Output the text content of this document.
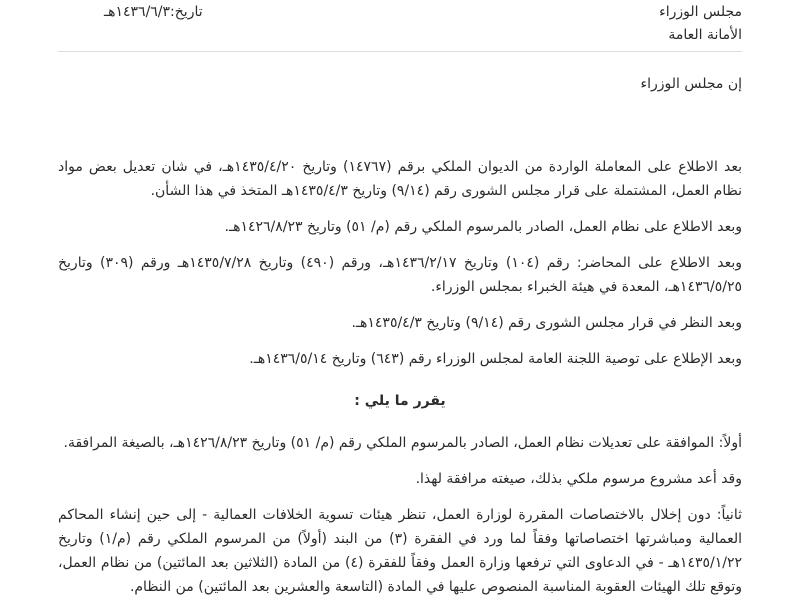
مجلس الوزراء
الأمانة العامة
تاريخ:١٤٣٦/٦/٣هـ

إن مجلس الوزراء

بعد الاطلاع على المعاملة الواردة من الديوان الملكي برقم (١٤٧٦٧) وتاريخ ١٤٣٥/٤/٢٠هـ، في شان تعديل بعض مواد نظام العمل، المشتملة على قرار مجلس الشورى رقم (٩/١٤) وتاريخ ١٤٣٥/٤/٣هـ المتخذ في هذا الشأن.

وبعد الاطلاع على نظام العمل، الصادر بالمرسوم الملكي رقم (م/ ٥١) وتاريخ ١٤٢٦/٨/٢٣هـ.

وبعد الاطلاع على المحاضر: رقم (١٠٤) وتاريخ ١٤٣٦/٢/١٧هـ، ورقم (٤٩٠) وتاريخ ١٤٣٥/٧/٢٨هـ ورقم (٣٠٩) وتاريخ ١٤٣٦/٥/٢٥هـ، المعدة في هيئة الخبراء بمجلس الوزراء.

وبعد النظر في قرار مجلس الشورى رقم (٩/١٤) وتاريخ ١٤٣٥/٤/٣هـ.

وبعد الإطلاع على توصية اللجنة العامة لمجلس الوزراء رقم (٦٤٣) وتاريخ ١٤٣٦/٥/١٤هـ.

يقرر ما يلي :

أولاً: الموافقة على تعديلات نظام العمل، الصادر بالمرسوم الملكي رقم (م/ ٥١) وتاريخ ١٤٢٦/٨/٢٣هـ، بالصيغة المرافقة.

وقد أعد مشروع مرسوم ملكي بذلك، صيغته مرافقة لهذا.

ثانياً: دون إخلال بالاختصاصات المقررة لوزارة العمل، تنظر هيئات تسوية الخلافات العمالية - إلى حين إنشاء المحاكم العمالية ومباشرتها اختصاصاتها وفقاً لما ورد في الفقرة (٣) من البند (أولاً) من المرسوم الملكي رقم (م/١) وتاريخ ١٤٣٥/١/٢٢هـ - في الدعاوى التي ترفعها وزارة العمل وفقاً للفقرة (٤) من المادة (الثلاثين بعد المائتين) من نظام العمل، وتوقع تلك الهيئات العقوبة المناسبة المنصوص عليها في المادة (التاسعة والعشرين بعد المائتين) من النظام.
